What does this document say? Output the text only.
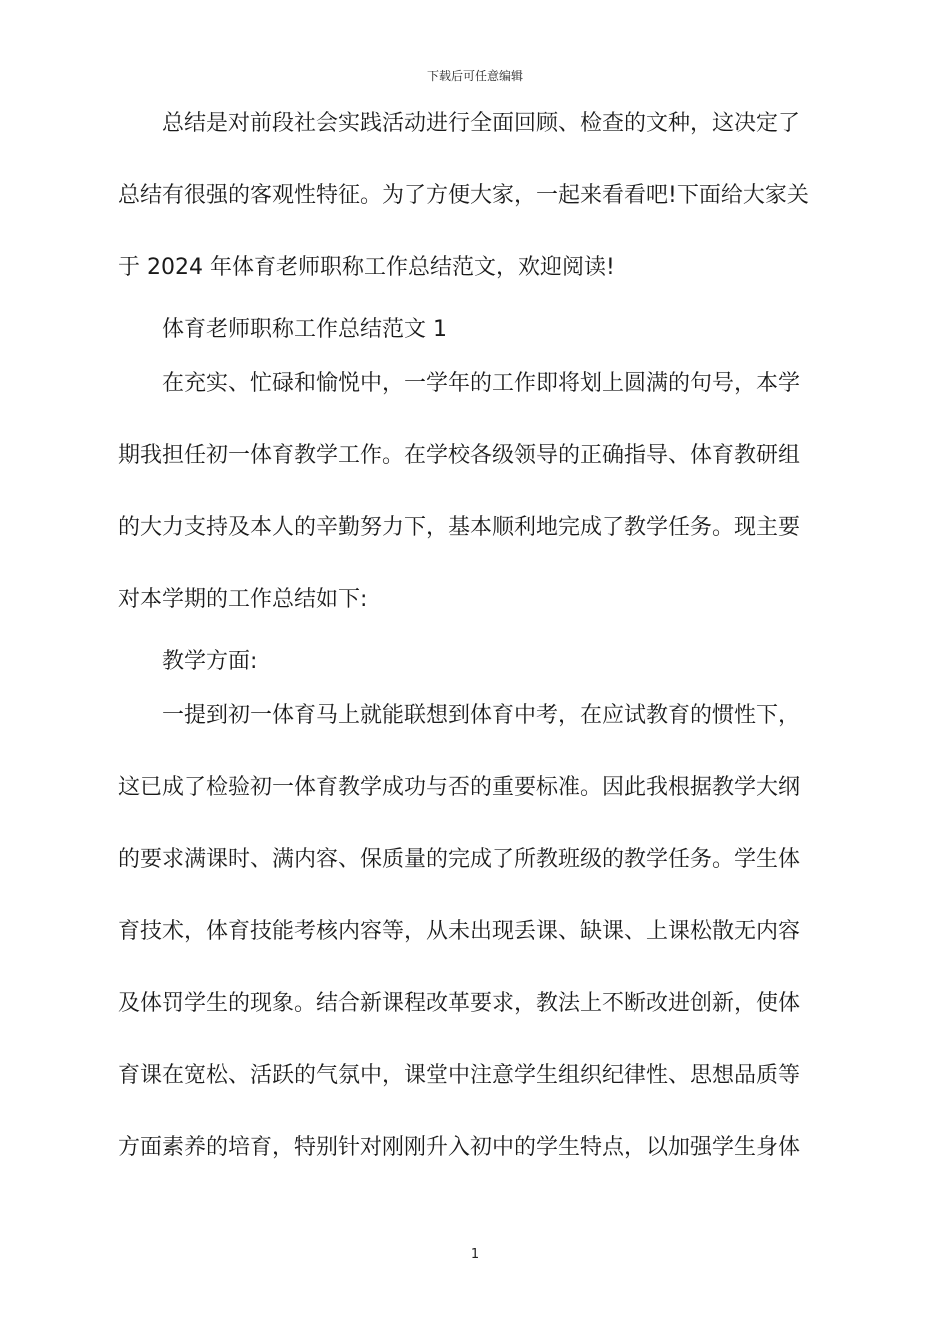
下载后可任意编辑
总结是对前段社会实践活动进行全面回顾、检查的文种，这决定了
总结有很强的客观性特征。为了方便大家，一起来看看吧!下面给大家关
于 2024 年体育老师职称工作总结范文，欢迎阅读!
体育老师职称工作总结范文 1
在充实、忙碌和愉悦中，一学年的工作即将划上圆满的句号，本学
期我担任初一体育教学工作。在学校各级领导的正确指导、体育教研组
的大力支持及本人的辛勤努力下，基本顺利地完成了教学任务。现主要
对本学期的工作总结如下:
教学方面:
一提到初一体育马上就能联想到体育中考，在应试教育的惯性下，
这已成了检验初一体育教学成功与否的重要标准。因此我根据教学大纲
的要求满课时、满内容、保质量的完成了所教班级的教学任务。学生体
育技术，体育技能考核内容等，从未出现丢课、缺课、上课松散无内容
及体罚学生的现象。结合新课程改革要求，教法上不断改进创新，使体
育课在宽松、活跃的气氛中，课堂中注意学生组织纪律性、思想品质等
方面素养的培育，特别针对刚刚升入初中的学生特点，以加强学生身体
1
